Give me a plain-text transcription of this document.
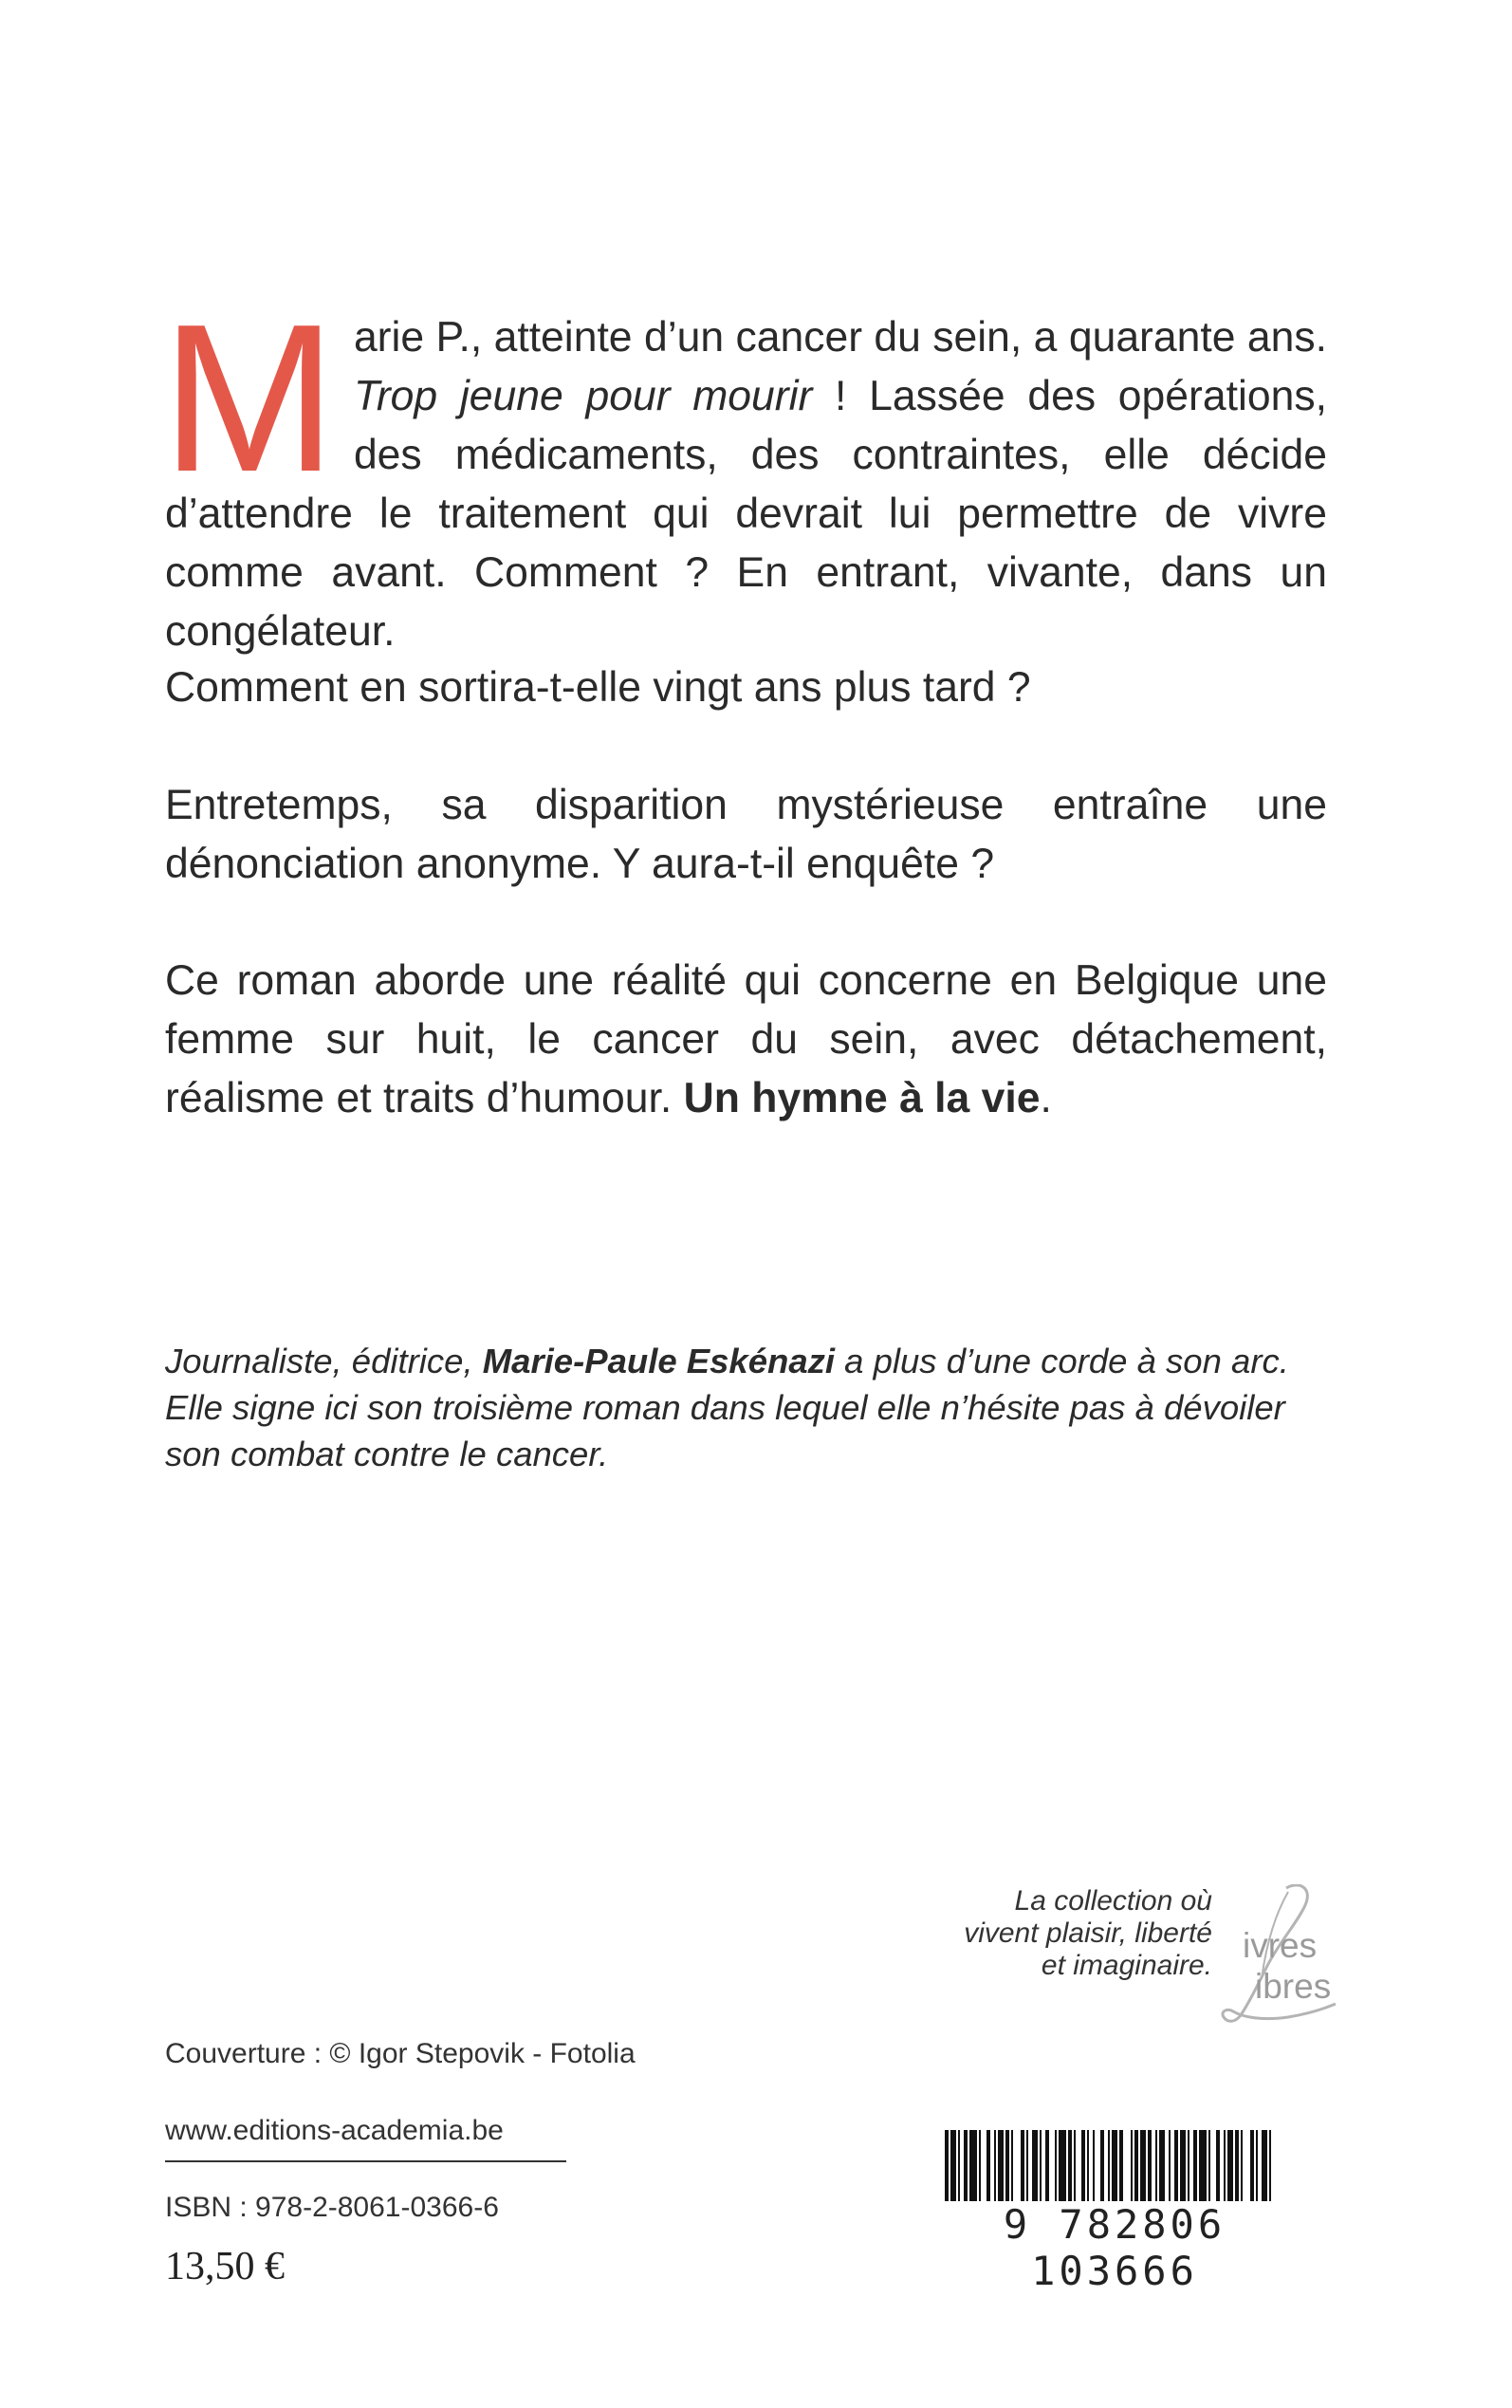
Marie P., atteinte d’un cancer du sein, a quarante ans. Trop jeune pour mourir ! Lassée des opérations, des médicaments, des contraintes, elle décide d’attendre le traitement qui devrait lui permettre de vivre comme avant. Comment ? En entrant, vivante, dans un congélateur.

Comment en sortira-t-elle vingt ans plus tard ?

Entretemps, sa disparition mystérieuse entraîne une dénonciation anonyme. Y aura-t-il enquête ?

Ce roman aborde une réalité qui concerne en Belgique une femme sur huit, le cancer du sein, avec détachement, réalisme et traits d’humour. Un hymne à la vie.

Journaliste, éditrice, Marie-Paule Eskénazi a plus d’une corde à son arc. Elle signe ici son troisième roman dans lequel elle n’hésite pas à dévoiler son combat contre le cancer.

La collection où
vivent plaisir, liberté
et imaginaire.
ivres
ibres
Couverture : © Igor Stepovik - Fotolia
www.editions-academia.be
ISBN : 978-2-8061-0366-6
13,50 €
9 782806 103666
